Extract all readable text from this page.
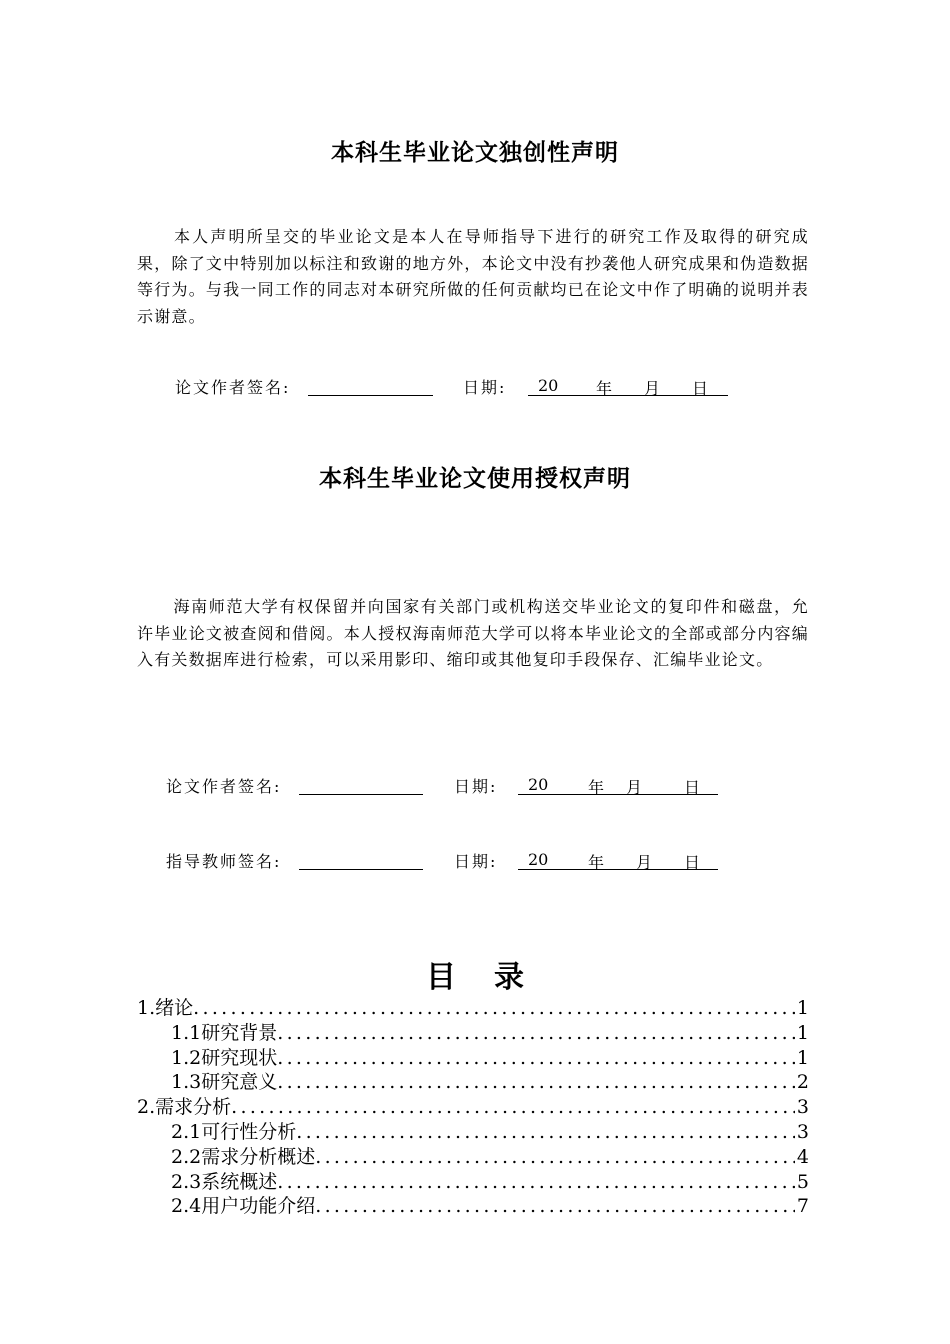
本科生毕业论文独创性声明

本人声明所呈交的毕业论文是本人在导师指导下进行的研究工作及取得的研究成果，除了文中特别加以标注和致谢的地方外，本论文中没有抄袭他人研究成果和伪造数据等行为。与我一同工作的同志对本研究所做的任何贡献均已在论文中作了明确的说明并表示谢意。

论文作者签名:	日期: 20 年 月 日
本科生毕业论文使用授权声明

海南师范大学有权保留并向国家有关部门或机构送交毕业论文的复印件和磁盘，允许毕业论文被查阅和借阅。本人授权海南师范大学可以将本毕业论文的全部或部分内容编入有关数据库进行检索，可以采用影印、缩印或其他复印手段保存、汇编毕业论文。

论文作者签名:	日期: 20 年 月	日
指导教师签名:	日期: 20 年 月 日
目录
1.绪论 .....	1
1.1研究背景 .....	1
1.2研究现状 .....	1
1.3研究意义 .....	2
2.需求分析 .....	3
2.1可行性分析 .....	3
2.2需求分析概述 .....	4
2.3系统概述 .....	5
2.4用户功能介绍 .....	7
